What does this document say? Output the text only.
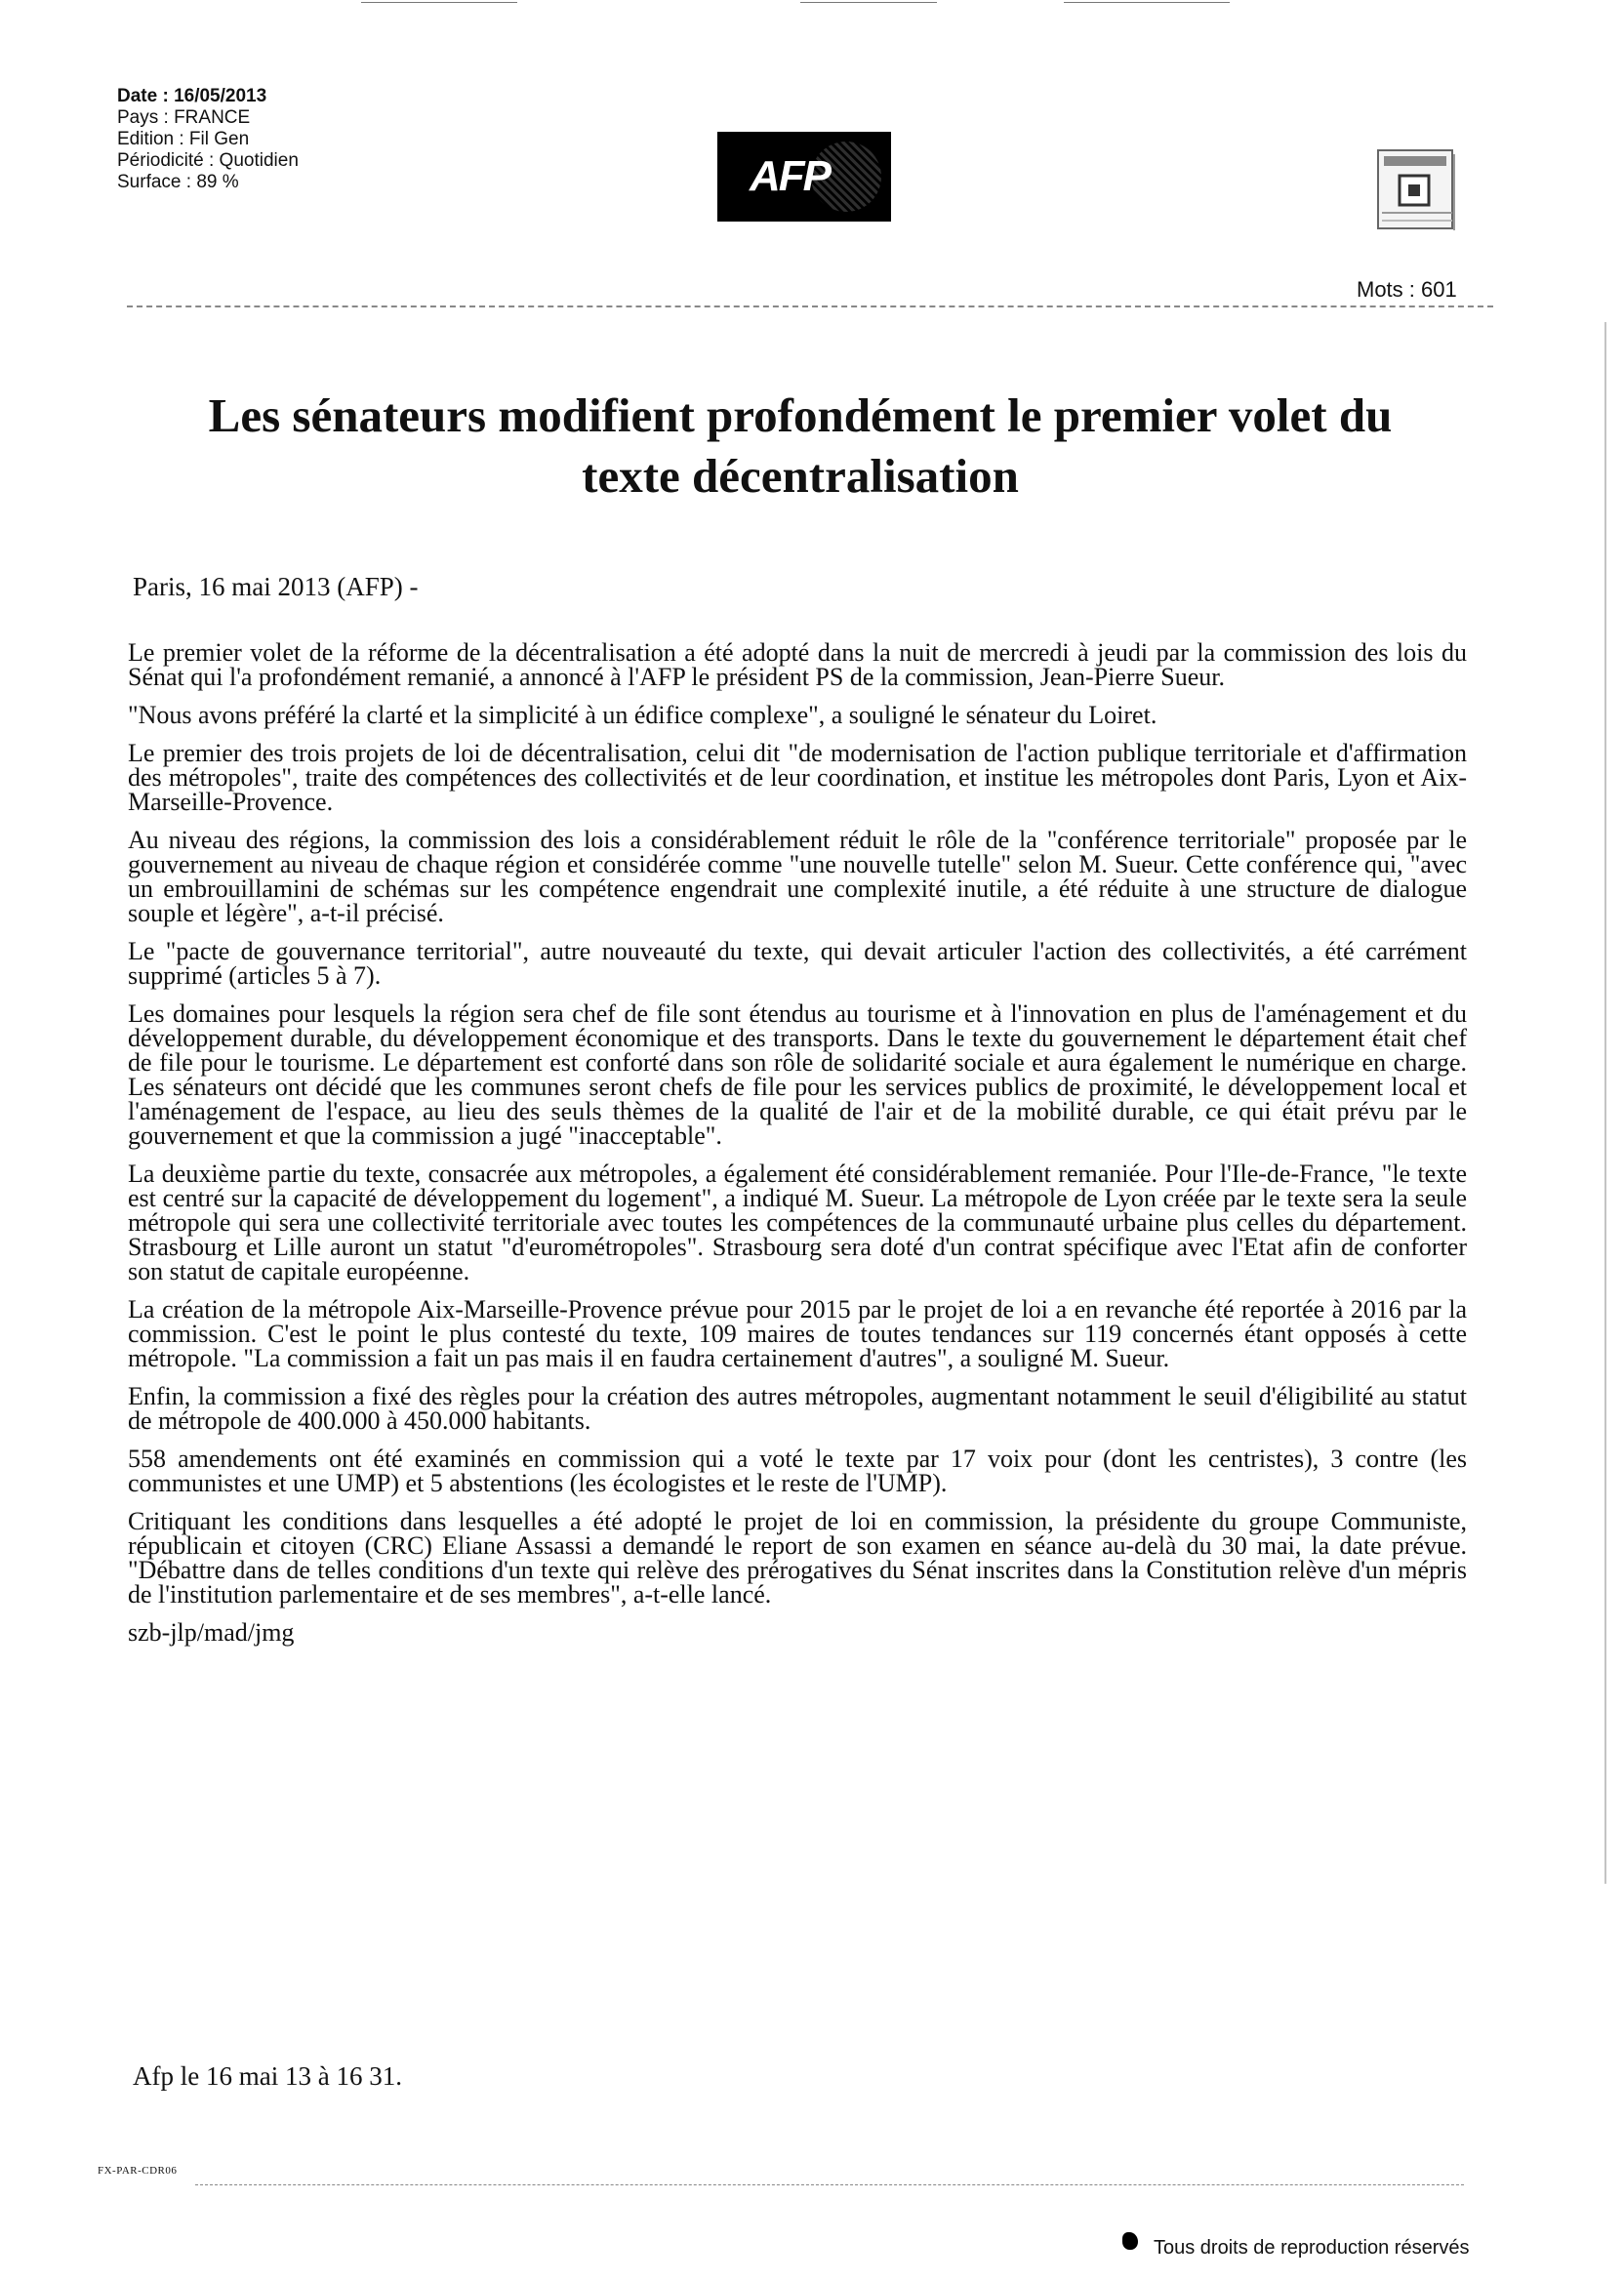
Date : 16/05/2013
Pays : FRANCE
Edition : Fil Gen
Périodicité : Quotidien
Surface : 89 %	AFP
Mots : 601
Les sénateurs modifient profondément le premier volet du
texte décentralisation
Paris, 16 mai 2013 (AFP) -

Le premier volet de la réforme de la décentralisation a été adopté dans la nuit de mercredi à jeudi par la commission des lois du Sénat qui l'a profondément remanié, a annoncé à l'AFP le président PS de la commission, Jean-Pierre Sueur.

"Nous avons préféré la clarté et la simplicité à un édifice complexe", a souligné le sénateur du Loiret.

Le premier des trois projets de loi de décentralisation, celui dit "de modernisation de l'action publique territoriale et d'affirmation des métropoles", traite des compétences des collectivités et de leur coordination, et institue les métropoles dont Paris, Lyon et Aix-Marseille-Provence.

Au niveau des régions, la commission des lois a considérablement réduit le rôle de la "conférence territoriale" proposée par le gouvernement au niveau de chaque région et considérée comme "une nouvelle tutelle" selon M. Sueur. Cette conférence qui, "avec un embrouillamini de schémas sur les compétence engendrait une complexité inutile, a été réduite à une structure de dialogue souple et légère", a-t-il précisé.

Le "pacte de gouvernance territorial", autre nouveauté du texte, qui devait articuler l'action des collectivités, a été carrément supprimé (articles 5 à 7).

Les domaines pour lesquels la région sera chef de file sont étendus au tourisme et à l'innovation en plus de l'aménagement et du développement durable, du développement économique et des transports. Dans le texte du gouvernement le département était chef de file pour le tourisme. Le département est conforté dans son rôle de solidarité sociale et aura également le numérique en charge. Les sénateurs ont décidé que les communes seront chefs de file pour les services publics de proximité, le développement local et l'aménagement de l'espace, au lieu des seuls thèmes de la qualité de l'air et de la mobilité durable, ce qui était prévu par le gouvernement et que la commission a jugé "inacceptable".

La deuxième partie du texte, consacrée aux métropoles, a également été considérablement remaniée. Pour l'Ile-de-France, "le texte est centré sur la capacité de développement du logement", a indiqué M. Sueur. La métropole de Lyon créée par le texte sera la seule métropole qui sera une collectivité territoriale avec toutes les compétences de la communauté urbaine plus celles du département. Strasbourg et Lille auront un statut "d'eurométropoles". Strasbourg sera doté d'un contrat spécifique avec l'Etat afin de conforter son statut de capitale européenne.

La création de la métropole Aix-Marseille-Provence prévue pour 2015 par le projet de loi a en revanche été reportée à 2016 par la commission. C'est le point le plus contesté du texte, 109 maires de toutes tendances sur 119 concernés étant opposés à cette métropole. "La commission a fait un pas mais il en faudra certainement d'autres", a souligné M. Sueur.

Enfin, la commission a fixé des règles pour la création des autres métropoles, augmentant notamment le seuil d'éligibilité au statut de métropole de 400.000 à 450.000 habitants.

558 amendements ont été examinés en commission qui a voté le texte par 17 voix pour (dont les centristes), 3 contre (les communistes et une UMP) et 5 abstentions (les écologistes et le reste de l'UMP).

Critiquant les conditions dans lesquelles a été adopté le projet de loi en commission, la présidente du groupe Communiste, républicain et citoyen (CRC) Eliane Assassi a demandé le report de son examen en séance au-delà du 30 mai, la date prévue. "Débattre dans de telles conditions d'un texte qui relève des prérogatives du Sénat inscrites dans la Constitution relève d'un mépris de l'institution parlementaire et de ses membres", a-t-elle lancé.

szb-jlp/mad/jmg

Afp le 16 mai 13 à 16 31.
FX-PAR-CDR06
Tous droits de reproduction réservés
